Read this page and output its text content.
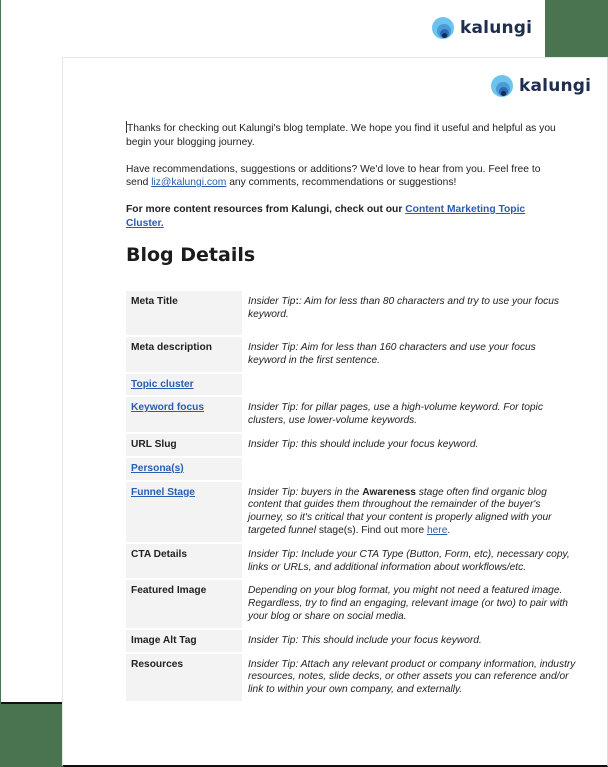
kalungi
kalungi

Thanks for checking out Kalungi's blog template. We hope you find it useful and helpful as you begin your blogging journey.

Have recommendations, suggestions or additions? We'd love to hear from you. Feel free to send liz@kalungi.com any comments, recommendations or suggestions!

For more content resources from Kalungi, check out our Content Marketing Topic Cluster.

Blog Details
Meta Title	Insider Tip:: Aim for less than 80 characters and try to use your focus keyword.
Meta description	Insider Tip: Aim for less than 160 characters and use your focus keyword in the first sentence.
Topic cluster	
Keyword focus	Insider Tip: for pillar pages, use a high-volume keyword. For topic clusters, use lower-volume keywords.
URL Slug	Insider Tip: this should include your focus keyword.
Persona(s)	
Funnel Stage	Insider Tip: buyers in the Awareness stage often find organic blog content that guides them throughout the remainder of the buyer's journey, so it's critical that your content is properly aligned with your targeted funnel stage(s). Find out more here.
CTA Details	Insider Tip: Include your CTA Type (Button, Form, etc), necessary copy, links or URLs, and additional information about workflows/etc.
Featured Image	Depending on your blog format, you might not need a featured image. Regardless, try to find an engaging, relevant image (or two) to pair with your blog or share on social media.
Image Alt Tag	Insider Tip: This should include your focus keyword.
Resources	Insider Tip: Attach any relevant product or company information, industry resources, notes, slide decks, or other assets you can reference and/or link to within your own company, and externally.
